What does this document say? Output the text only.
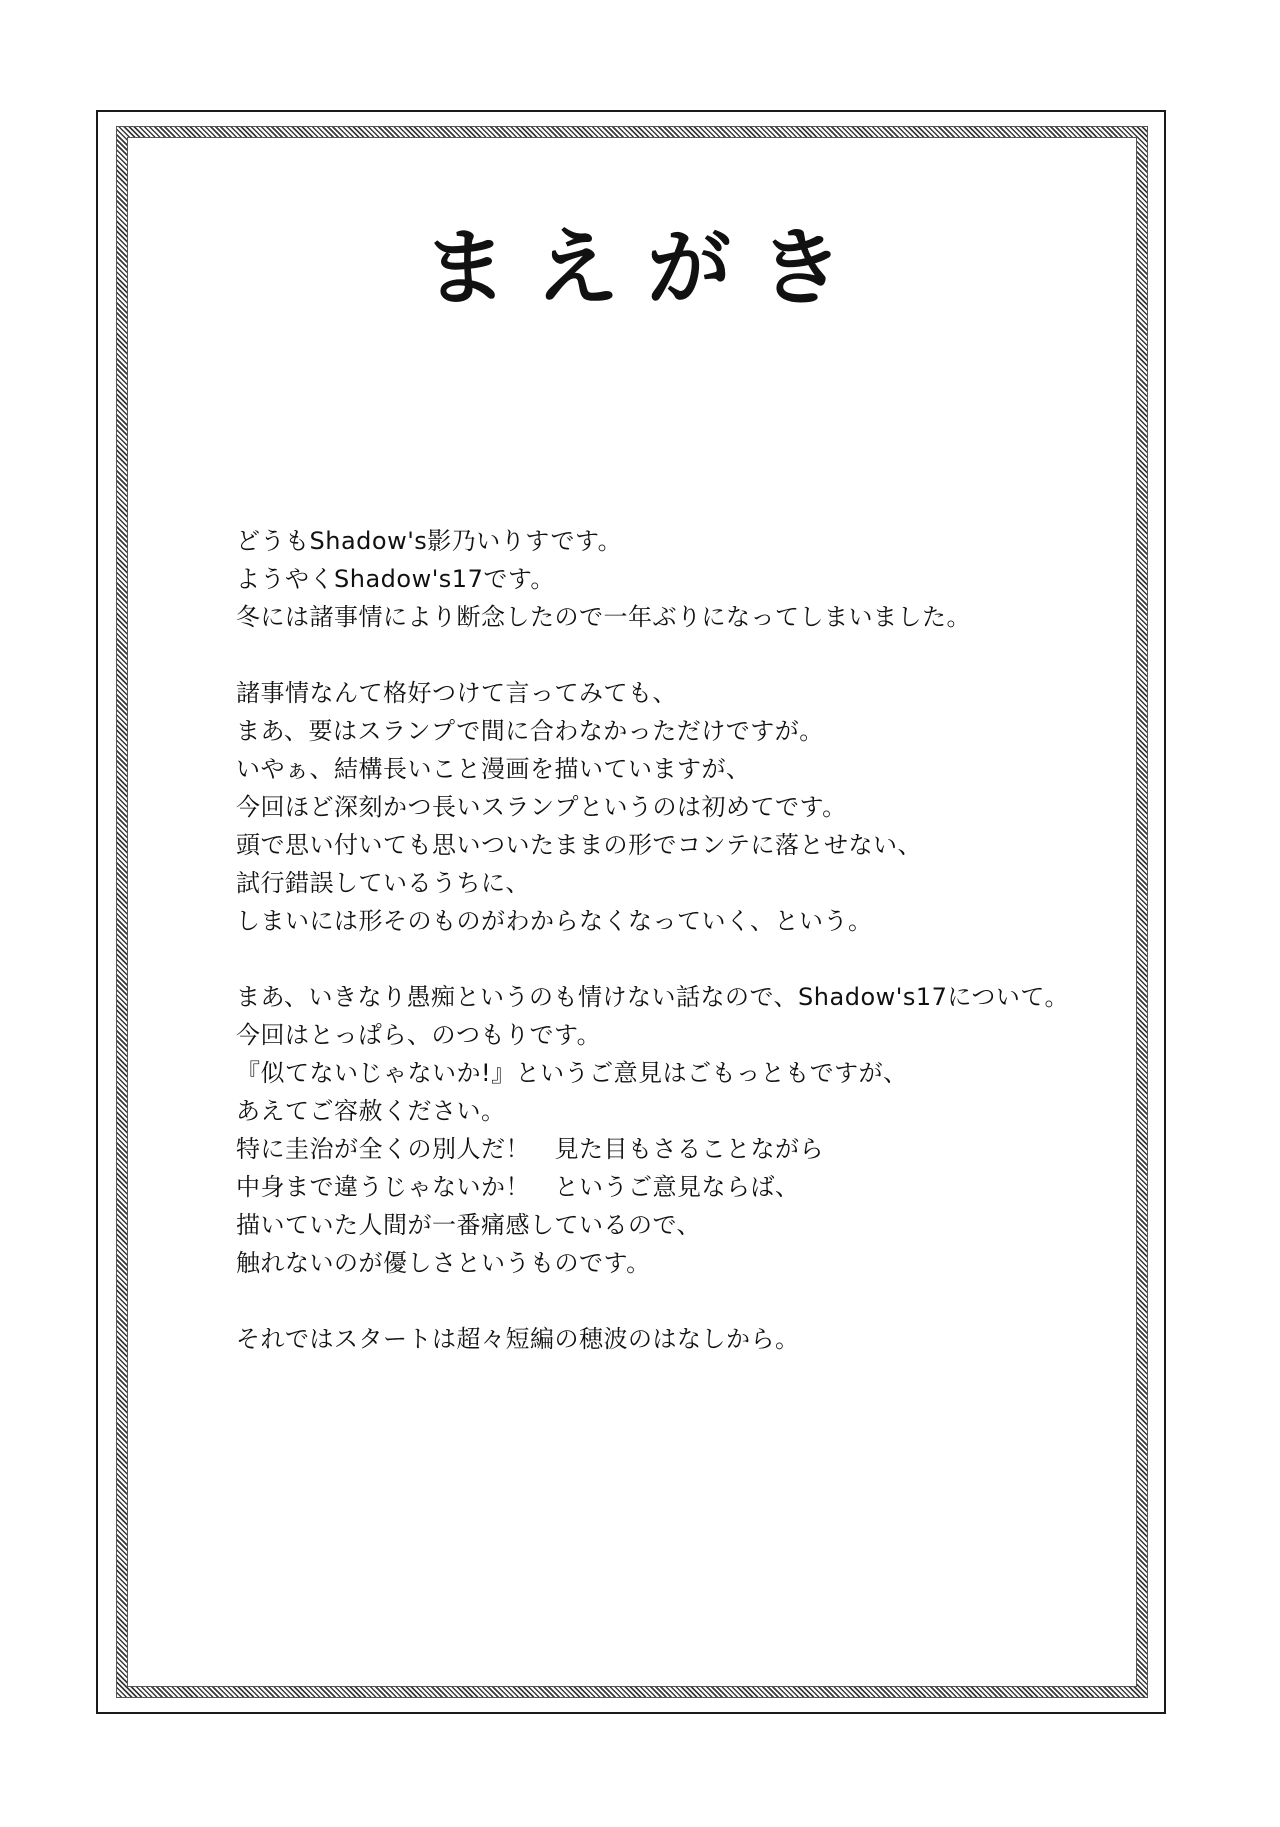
まえがき
どうもShadow's影乃いりすです。
ようやくShadow's17です。
冬には諸事情により断念したので一年ぶりになってしまいました。
諸事情なんて格好つけて言ってみても、
まあ、要はスランプで間に合わなかっただけですが。
いやぁ、結構長いこと漫画を描いていますが、
今回ほど深刻かつ長いスランプというのは初めてです。
頭で思い付いても思いついたままの形でコンテに落とせない、
試行錯誤しているうちに、
しまいには形そのものがわからなくなっていく、という。
まあ、いきなり愚痴というのも情けない話なので、Shadow's17について。
今回はとっぱら、のつもりです。
『似てないじゃないか!』というご意見はごもっともですが、
あえてご容赦ください。
特に圭治が全くの別人だ！　見た目もさることながら
中身まで違うじゃないか！　というご意見ならば、
描いていた人間が一番痛感しているので、
触れないのが優しさというものです。
それではスタートは超々短編の穂波のはなしから。
